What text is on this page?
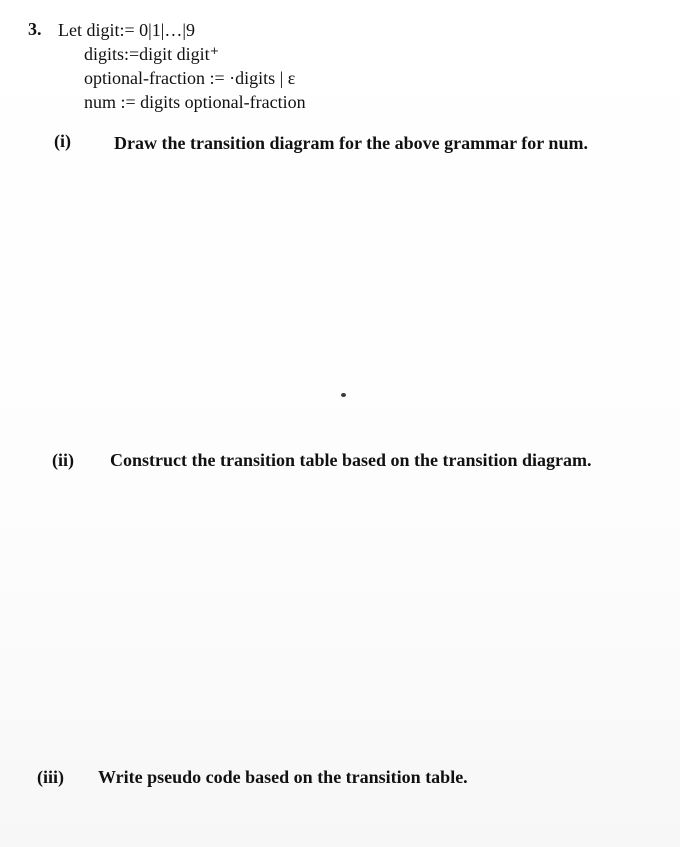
3. Let digit:= 0|1|…|9
digits:=digit digit⁺
optional-fraction := ·digits | ε
num := digits optional-fraction
(i) Draw the transition diagram for the above grammar for num.
(ii) Construct the transition table based on the transition diagram.
(iii) Write pseudo code based on the transition table.
